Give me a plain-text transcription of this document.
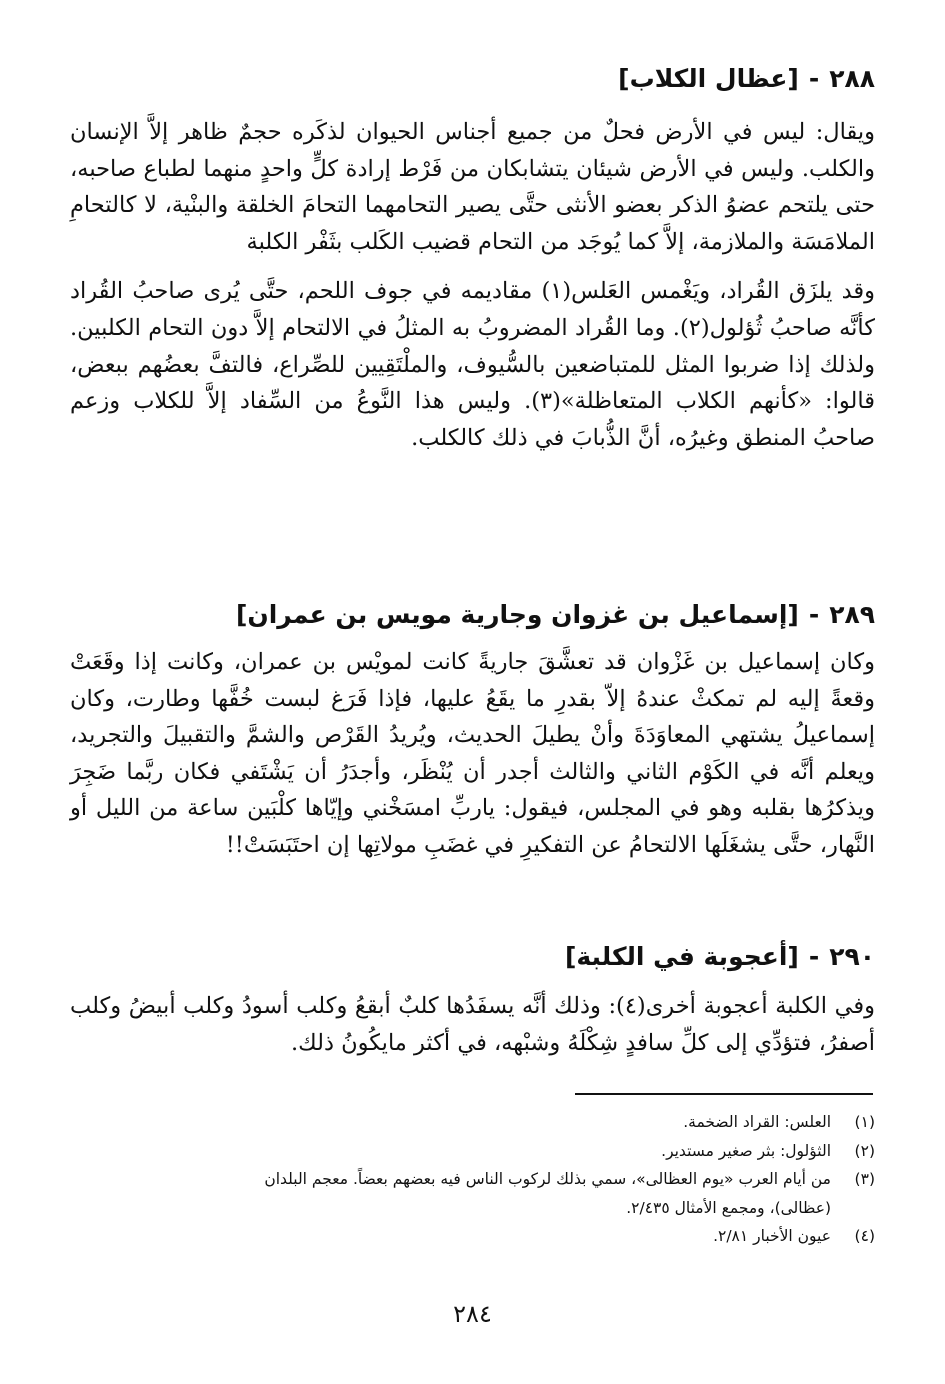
٢٨٨-[عظال الكلاب]

ويقال: ليس في الأرض فحلٌ من جميع أجناس الحيوان لذكَره حجمٌ ظاهر إلاَّ الإنسان والكلب. وليس في الأرض شيئان يتشابكان من فَرْط إرادة كلٍّ واحدٍ منهما لطباع صاحبه، حتى يلتحم عضوُ الذكر بعضو الأنثى حتَّى يصير التحامهما التحامَ الخلقة والبنْية، لا كالتحامِ الملامَسَة والملازمة، إلاَّ كما يُوجَد من التحام قضيب الكَلب بثَفْر الكلبة

وقد يلزَق القُراد، ويَغْمس العَلس(١) مقاديمه في جوف اللحم، حتَّى يُرى صاحبُ القُراد كأنَّه صاحبُ ثُؤلول(٢). وما القُراد المضروبُ به المثلُ في الالتحام إلاَّ دون التحام الكلبين. ولذلك إذا ضربوا المثل للمتباضعين بالسُّيوف، والملْتَقِيين للصِّراع، فالتفَّ بعضُهم ببعض، قالوا: «كأنهم الكلاب المتعاظلة»(٣). وليس هذا النَّوعُ من السِّفاد إلاَّ للكلاب وزعم صاحبُ المنطق وغيرُه، أنَّ الذُّبابَ في ذلك كالكلب.

٢٨٩-[إسماعيل بن غزوان وجارية مويس بن عمران]

وكان إسماعيل بن غَزْوان قد تعشَّقَ جاريةً كانت لمويْس بن عمران، وكانت إذا وقَعَتْ وقعةً إليه لم تمكثْ عندهُ إلاّ بقدرِ ما يقَعُ عليها، فإذا فَرَغ لبست خُفَّها وطارت، وكان إسماعيلُ يشتهي المعاوَدَةَ وأنْ يطيلَ الحديث، ويُريدُ القَرْص والشمَّ والتقبيلَ والتجريد، ويعلم أنَّه في الكَوْم الثاني والثالث أجدر أن يُنْظَر، وأجدَرُ أن يَشْتَفي فكان ربَّما ضَجِرَ ويذكرُها بقلبه وهو في المجلس، فيقول: ياربِّ امسَخْني وإيّاها كلْبَين ساعة من الليل أو النَّهار، حتَّى يشغَلَها الالتحامُ عن التفكيرِ في غضَبِ مولاتِها إن احتَبَسَتْ!!

٢٩٠-[أعجوبة في الكلبة]

وفي الكلبة أعجوبة أخرى(٤): وذلك أنَّه يسفَدُها كلبٌ أبقعُ وكلب أسودُ وكلب أبيضُ وكلب أصفرُ، فتؤدِّي إلى كلِّ سافدٍ شِكْلَهُ وشبْهه، في أكثر مايكُونُ ذلك.

(١)العلس: القراد الضخمة.
(٢)الثؤلول: بثر صغير مستدير.
(٣)من أيام العرب «يوم العظالى»، سمي بذلك لركوب الناس فيه بعضهم بعضاً. معجم البلدان
(عظالى)، ومجمع الأمثال ٢/٤٣٥.
(٤)عيون الأخبار ٢/٨١.
٢٨٤
